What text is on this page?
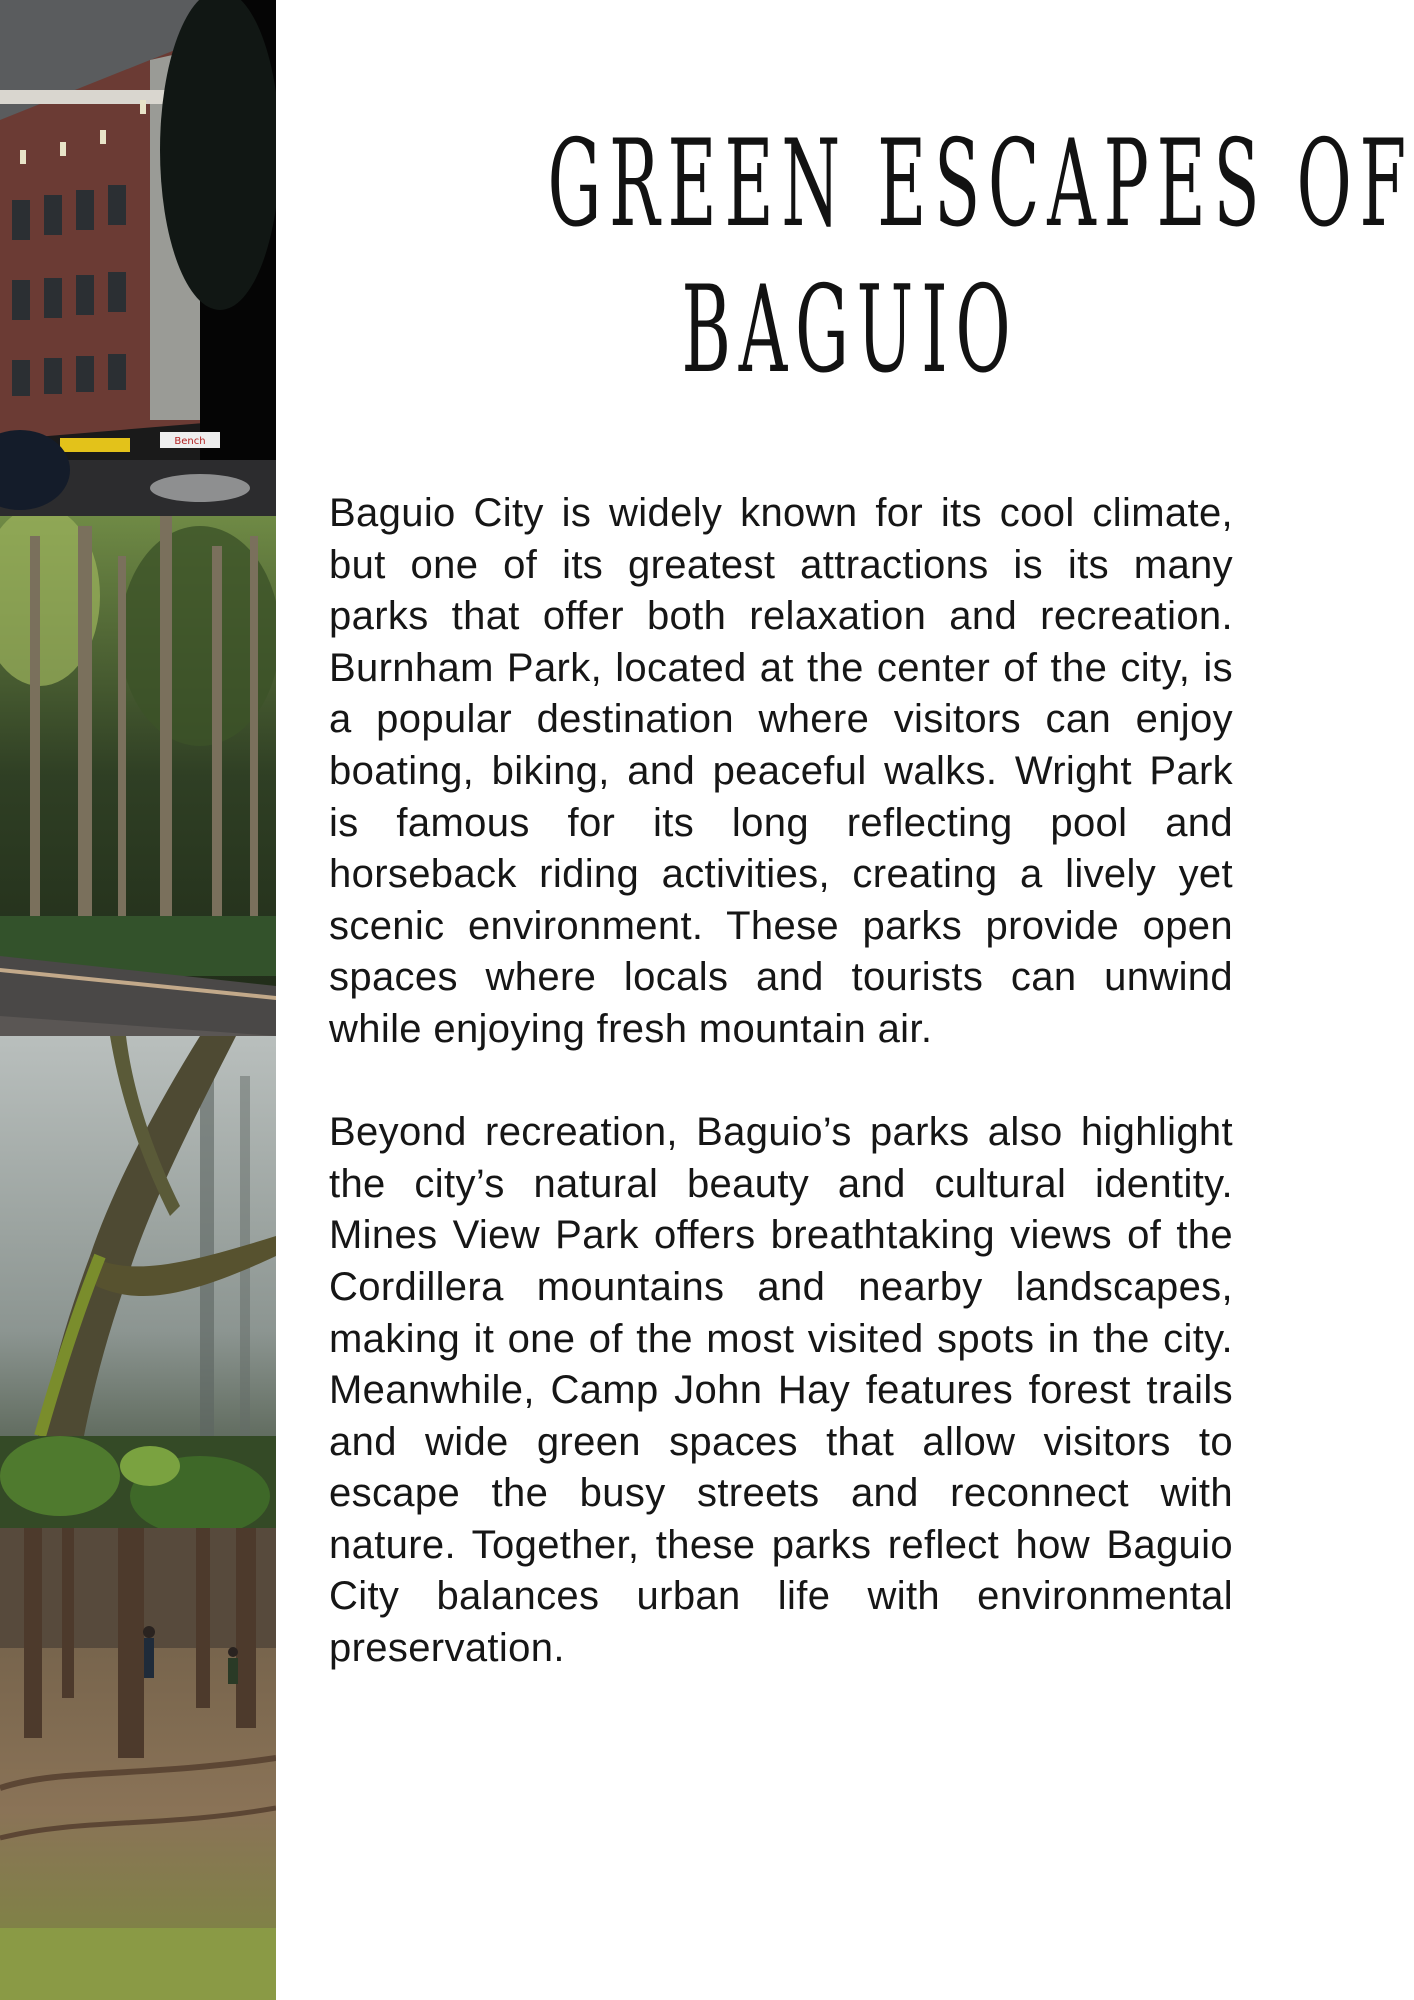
Bench
GREEN ESCAPES OF
BAGUIO

Baguio City is widely known for its cool climate, but one of its greatest attractions is its many parks that offer both relaxation and recreation. Burnham Park, located at the center of the city, is a popular destination where visitors can enjoy boating, biking, and peaceful walks. Wright Park is famous for its long reflecting pool and horseback riding activities, creating a lively yet scenic environment. These parks provide open spaces where locals and tourists can unwind while enjoying fresh mountain air.

Beyond recreation, Baguio’s parks also highlight the city’s natural beauty and cultural identity. Mines View Park offers breathtaking views of the Cordillera mountains and nearby landscapes, making it one of the most visited spots in the city. Meanwhile, Camp John Hay features forest trails and wide green spaces that allow visitors to escape the busy streets and reconnect with nature. Together, these parks reflect how Baguio City balances urban life with environmental preservation.
